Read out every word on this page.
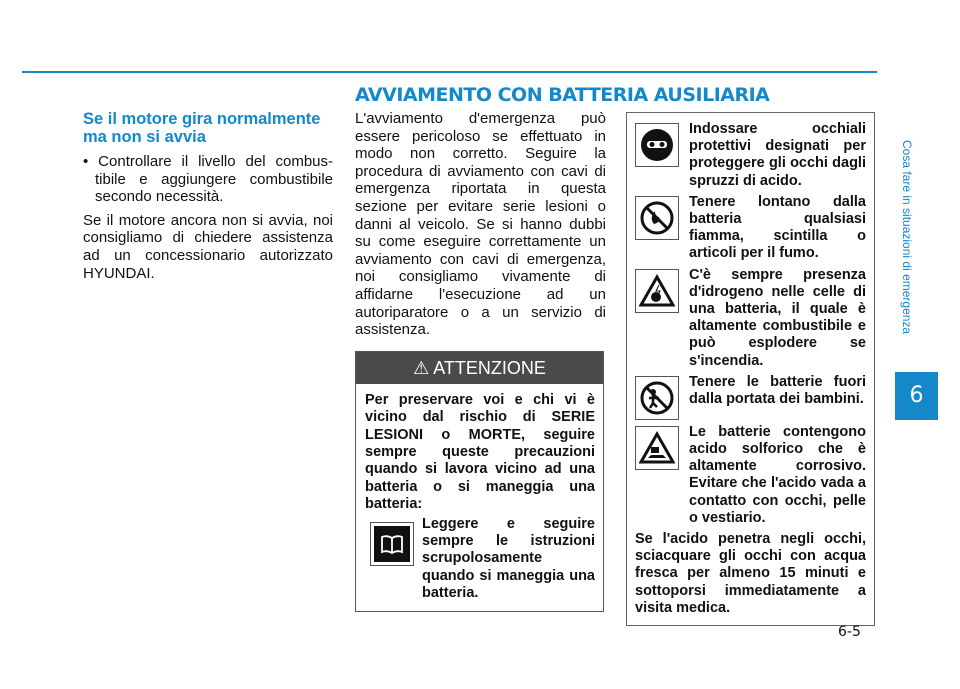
AVVIAMENTO CON BATTERIA AUSILIARIA
Cosa fare in situazioni di emergenza
6
Se il motore gira normalmente ma non si avvia

• Controllare il livello del combus-tibile e aggiungere combustibile secondo necessità.

Se il motore ancora non si avvia, noi consigliamo di chiedere assistenza ad un concessionario autorizzato HYUNDAI.

L'avviamento d'emergenza può essere pericoloso se effettuato in modo non corretto. Seguire la procedura di avviamento con cavi di emergenza riportata in questa sezione per evitare serie lesioni o danni al veicolo. Se si hanno dubbi su come eseguire correttamente un avviamento con cavi di emergenza, noi consigliamo vivamente di affidarne l'esecuzione ad un autoriparatore o a un servizio di assistenza.

⚠ ATTENZIONE
Per preservare voi e chi vi è vicino dal rischio di SERIE LESIONI o MORTE, seguire sempre queste precauzioni quando si lavora vicino ad una batteria o si maneggia una batteria:
Leggere e seguire sempre le istruzioni scrupolosamente quando si maneggia una batteria.
Indossare occhiali protettivi designati per proteggere gli occhi dagli spruzzi di acido.
Tenere lontano dalla batteria qualsiasi fiamma, scintilla o articoli per il fumo.
C'è sempre presenza d'idrogeno nelle celle di una batteria, il quale è altamente combustibile e può esplodere se s'incendia.
Tenere le batterie fuori dalla portata dei bambini.
Le batterie contengono acido solforico che è altamente corrosivo. Evitare che l'acido vada a contatto con occhi, pelle o vestiario.
Se l'acido penetra negli occhi, sciacquare gli occhi con acqua fresca per almeno 15 minuti e sottoporsi immediatamente a visita medica.
6-5
